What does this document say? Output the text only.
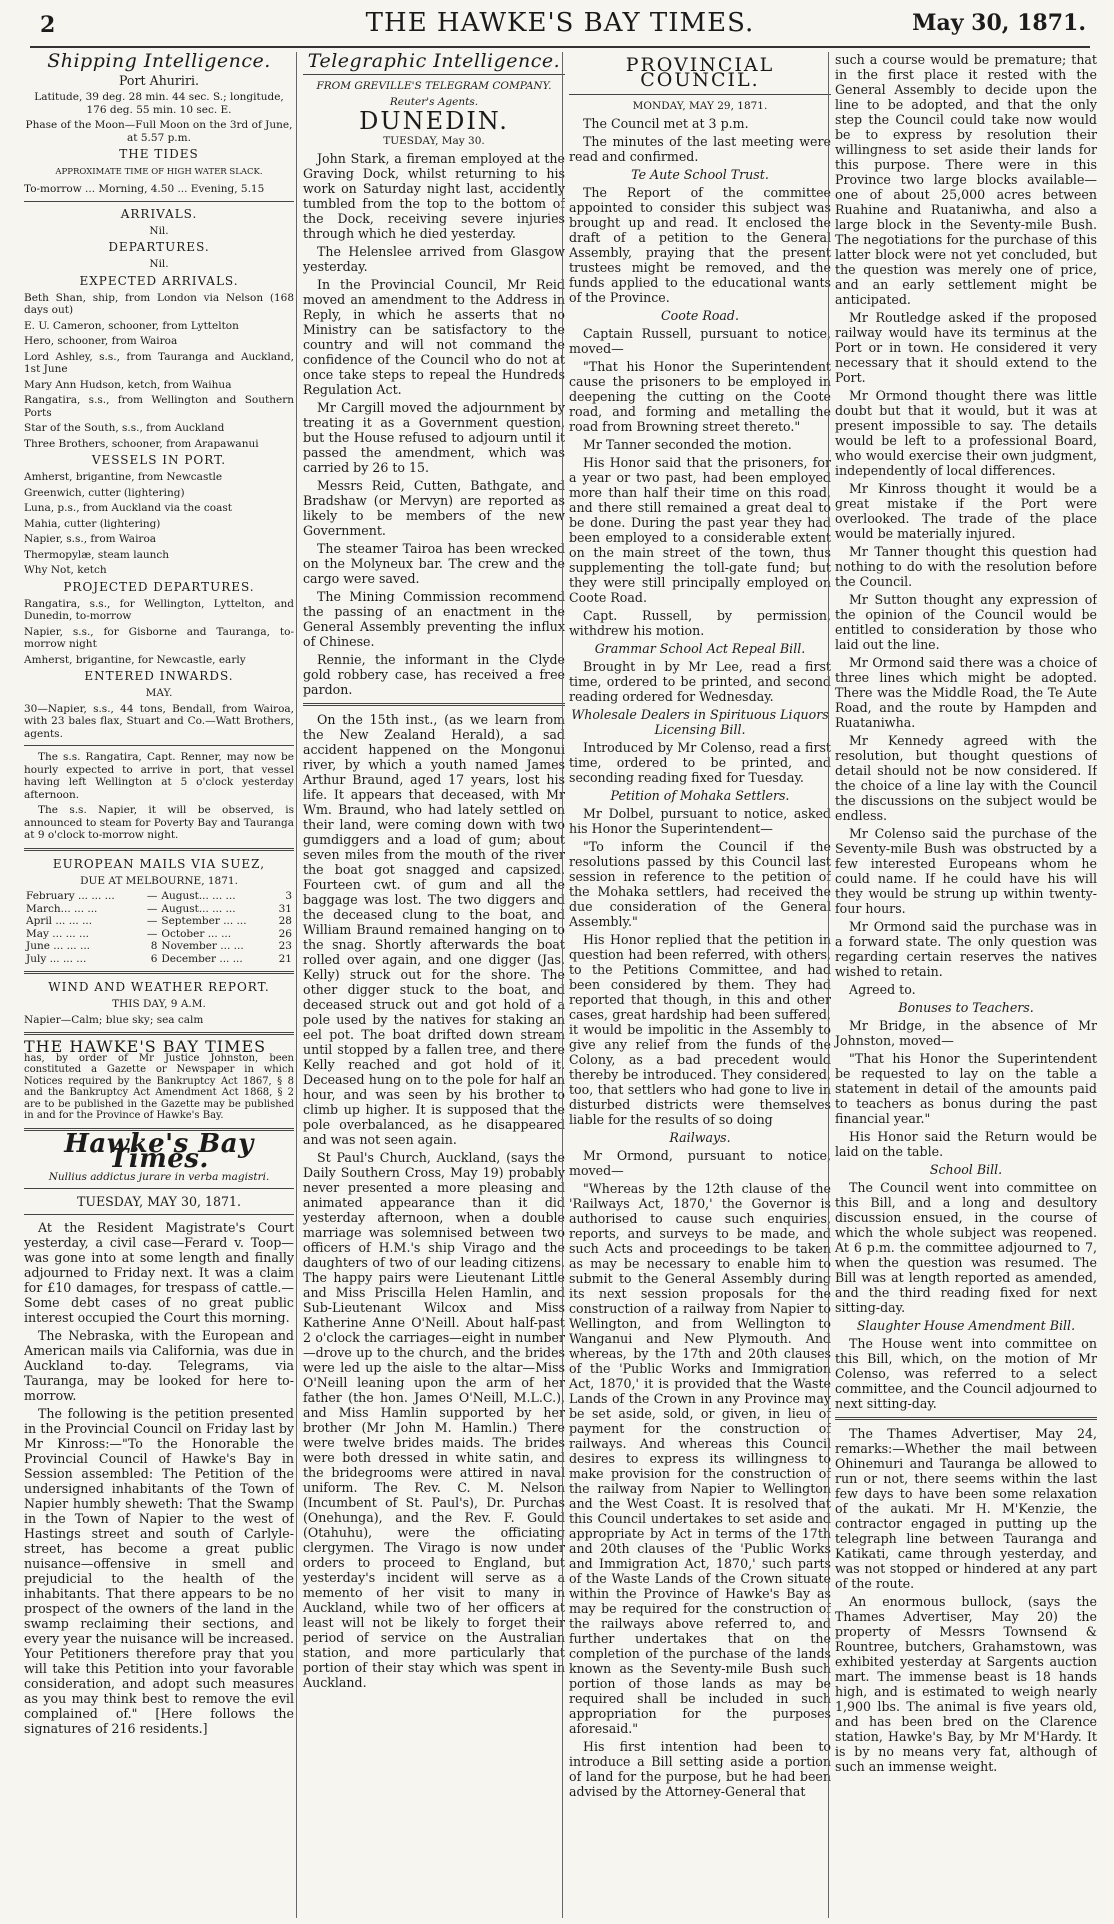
2	THE HAWKE'S BAY TIMES.	May 30, 1871.
Shipping Intelligence.

Port Ahuriri.

Latitude, 39 deg. 28 min. 44 sec. S.; longitude, 176 deg. 55 min. 10 sec. E.

Phase of the Moon—Full Moon on the 3rd of June, at 5.57 p.m.

THE TIDES

APPROXIMATE TIME OF HIGH WATER SLACK.

To-morrow ... Morning, 4.50 ... Evening, 5.15

ARRIVALS.

Nil.

DEPARTURES.

Nil.

EXPECTED ARRIVALS.

Beth Shan, ship, from London via Nelson (168 days out)

E. U. Cameron, schooner, from Lyttelton

Hero, schooner, from Wairoa

Lord Ashley, s.s., from Tauranga and Auckland, 1st June

Mary Ann Hudson, ketch, from Waihua

Rangatira, s.s., from Wellington and Southern Ports

Star of the South, s.s., from Auckland

Three Brothers, schooner, from Arapawanui

VESSELS IN PORT.

Amherst, brigantine, from Newcastle

Greenwich, cutter (lightering)

Luna, p.s., from Auckland via the coast

Mahia, cutter (lightering)

Napier, s.s., from Wairoa

Thermopylæ, steam launch

Why Not, ketch

PROJECTED DEPARTURES.

Rangatira, s.s., for Wellington, Lyttelton, and Dunedin, to-morrow

Napier, s.s., for Gisborne and Tauranga, to-morrow night

Amherst, brigantine, for Newcastle, early

ENTERED INWARDS.

MAY.

30—Napier, s.s., 44 tons, Bendall, from Wairoa, with 23 bales flax, Stuart and Co.—Watt Brothers, agents.

The s.s. Rangatira, Capt. Renner, may now be hourly expected to arrive in port, that vessel having left Wellington at 5 o'clock yesterday afternoon.

The s.s. Napier, it will be observed, is announced to steam for Poverty Bay and Tauranga at 9 o'clock to-morrow night.

EUROPEAN MAILS VIA SUEZ,

DUE AT MELBOURNE, 1871.

February ... ... ...	—	August... ... ...	3
March... ... ...	—	August... ... ...	31
April ... ... ...	—	September ... ...	28
May ... ... ...	—	October ... ...	26
June ... ... ...	8	November ... ...	23
July ... ... ...	6	December ... ...	21
WIND AND WEATHER REPORT.

THIS DAY, 9 A.M.

Napier—Calm; blue sky; sea calm

THE HAWKE'S BAY TIMES

has, by order of Mr Justice Johnston, been constituted a Gazette or Newspaper in which Notices required by the Bankruptcy Act 1867, § 8 and the Bankruptcy Act Amendment Act 1868, § 2 are to be published in the Gazette may be published in and for the Province of Hawke's Bay.

Hawke's Bay Times.

Nullius addictus jurare in verba magistri.

TUESDAY, MAY 30, 1871.

At the Resident Magistrate's Court yesterday, a civil case—Ferard v. Toop—was gone into at some length and finally adjourned to Friday next. It was a claim for £10 damages, for trespass of cattle.—Some debt cases of no great public interest occupied the Court this morning.

The Nebraska, with the European and American mails via California, was due in Auckland to-day. Telegrams, via Tauranga, may be looked for here to-morrow.

The following is the petition presented in the Provincial Council on Friday last by Mr Kinross:—"To the Honorable the Provincial Council of Hawke's Bay in Session assembled: The Petition of the undersigned inhabitants of the Town of Napier humbly sheweth: That the Swamp in the Town of Napier to the west of Hastings street and south of Carlyle-street, has become a great public nuisance—offensive in smell and prejudicial to the health of the inhabitants. That there appears to be no prospect of the owners of the land in the swamp reclaiming their sections, and every year the nuisance will be increased. Your Petitioners therefore pray that you will take this Petition into your favorable consideration, and adopt such measures as you may think best to remove the evil complained of." [Here follows the signatures of 216 residents.]

Telegraphic Intelligence.

FROM GREVILLE'S TELEGRAM COMPANY.

Reuter's Agents.

DUNEDIN.

TUESDAY, May 30.

John Stark, a fireman employed at the Graving Dock, whilst returning to his work on Saturday night last, accidently tumbled from the top to the bottom of the Dock, receiving severe injuries through which he died yesterday.

The Helenslee arrived from Glasgow yesterday.

In the Provincial Council, Mr Reid moved an amendment to the Address in Reply, in which he asserts that no Ministry can be satisfactory to the country and will not command the confidence of the Council who do not at once take steps to repeal the Hundreds Regulation Act.

Mr Cargill moved the adjournment by treating it as a Government question, but the House refused to adjourn until it passed the amendment, which was carried by 26 to 15.

Messrs Reid, Cutten, Bathgate, and Bradshaw (or Mervyn) are reported as likely to be members of the new Government.

The steamer Tairoa has been wrecked on the Molyneux bar. The crew and the cargo were saved.

The Mining Commission recommend the passing of an enactment in the General Assembly preventing the influx of Chinese.

Rennie, the informant in the Clyde gold robbery case, has received a free pardon.

On the 15th inst., (as we learn from the New Zealand Herald), a sad accident happened on the Mongonui river, by which a youth named James Arthur Braund, aged 17 years, lost his life. It appears that deceased, with Mr Wm. Braund, who had lately settled on their land, were coming down with two gumdiggers and a load of gum; about seven miles from the mouth of the river the boat got snagged and capsized. Fourteen cwt. of gum and all the baggage was lost. The two diggers and the deceased clung to the boat, and William Braund remained hanging on to the snag. Shortly afterwards the boat rolled over again, and one digger (Jas. Kelly) struck out for the shore. The other digger stuck to the boat, and deceased struck out and got hold of a pole used by the natives for staking an eel pot. The boat drifted down stream until stopped by a fallen tree, and there Kelly reached and got hold of it. Deceased hung on to the pole for half an hour, and was seen by his brother to climb up higher. It is supposed that the pole overbalanced, as he disappeared and was not seen again.

St Paul's Church, Auckland, (says the Daily Southern Cross, May 19) probably never presented a more pleasing and animated appearance than it did yesterday afternoon, when a double marriage was solemnised between two officers of H.M.'s ship Virago and the daughters of two of our leading citizens. The happy pairs were Lieutenant Little and Miss Priscilla Helen Hamlin, and Sub-Lieutenant Wilcox and Miss Katherine Anne O'Neill. About half-past 2 o'clock the carriages—eight in number—drove up to the church, and the brides were led up the aisle to the altar—Miss O'Neill leaning upon the arm of her father (the hon. James O'Neill, M.L.C.), and Miss Hamlin supported by her brother (Mr John M. Hamlin.) There were twelve brides maids. The brides were both dressed in white satin, and the bridegrooms were attired in naval uniform. The Rev. C. M. Nelson (Incumbent of St. Paul's), Dr. Purchas (Onehunga), and the Rev. F. Gould (Otahuhu), were the officiating clergymen. The Virago is now under orders to proceed to England, but yesterday's incident will serve as a memento of her visit to many in Auckland, while two of her officers at least will not be likely to forget their period of service on the Australian station, and more particularly that portion of their stay which was spent in Auckland.

PROVINCIAL COUNCIL.

MONDAY, MAY 29, 1871.

The Council met at 3 p.m.

The minutes of the last meeting were read and confirmed.

Te Aute School Trust.

The Report of the committee appointed to consider this subject was brought up and read. It enclosed the draft of a petition to the General Assembly, praying that the present trustees might be removed, and the funds applied to the educational wants of the Province.

Coote Road.

Captain Russell, pursuant to notice, moved—

"That his Honor the Superintendent cause the prisoners to be employed in deepening the cutting on the Coote road, and forming and metalling the road from Browning street thereto."

Mr Tanner seconded the motion.

His Honor said that the prisoners, for a year or two past, had been employed more than half their time on this road, and there still remained a great deal to be done. During the past year they had been employed to a considerable extent on the main street of the town, thus supplementing the toll-gate fund; but they were still principally employed on Coote Road.

Capt. Russell, by permission, withdrew his motion.

Grammar School Act Repeal Bill.

Brought in by Mr Lee, read a first time, ordered to be printed, and second reading ordered for Wednesday.

Wholesale Dealers in Spirituous Liquors Licensing Bill.

Introduced by Mr Colenso, read a first time, ordered to be printed, and seconding reading fixed for Tuesday.

Petition of Mohaka Settlers.

Mr Dolbel, pursuant to notice, asked his Honor the Superintendent—

"To inform the Council if the resolutions passed by this Council last session in reference to the petition of the Mohaka settlers, had received the due consideration of the General Assembly."

His Honor replied that the petition in question had been referred, with others, to the Petitions Committee, and had been considered by them. They had reported that though, in this and other cases, great hardship had been suffered, it would be impolitic in the Assembly to give any relief from the funds of the Colony, as a bad precedent would thereby be introduced. They considered, too, that settlers who had gone to live in disturbed districts were themselves liable for the results of so doing

Railways.

Mr Ormond, pursuant to notice, moved—

"Whereas by the 12th clause of the 'Railways Act, 1870,' the Governor is authorised to cause such enquiries, reports, and surveys to be made, and such Acts and proceedings to be taken as may be necessary to enable him to submit to the General Assembly during its next session proposals for the construction of a railway from Napier to Wellington, and from Wellington to Wanganui and New Plymouth. And whereas, by the 17th and 20th clauses of the 'Public Works and Immigration Act, 1870,' it is provided that the Waste Lands of the Crown in any Province may be set aside, sold, or given, in lieu of payment for the construction of railways. And whereas this Council desires to express its willingness to make provision for the construction of the railway from Napier to Wellington and the West Coast. It is resolved that this Council undertakes to set aside and appropriate by Act in terms of the 17th and 20th clauses of the 'Public Works and Immigration Act, 1870,' such parts of the Waste Lands of the Crown situate within the Province of Hawke's Bay as may be required for the construction of the railways above referred to, and further undertakes that on the completion of the purchase of the lands known as the Seventy-mile Bush such portion of those lands as may be required shall be included in such appropriation for the purposes aforesaid."

His first intention had been to introduce a Bill setting aside a portion of land for the purpose, but he had been advised by the Attorney-General that

such a course would be premature; that in the first place it rested with the General Assembly to decide upon the line to be adopted, and that the only step the Council could take now would be to express by resolution their willingness to set aside their lands for this purpose. There were in this Province two large blocks available—one of about 25,000 acres between Ruahine and Ruataniwha, and also a large block in the Seventy-mile Bush. The negotiations for the purchase of this latter block were not yet concluded, but the question was merely one of price, and an early settlement might be anticipated.

Mr Routledge asked if the proposed railway would have its terminus at the Port or in town. He considered it very necessary that it should extend to the Port.

Mr Ormond thought there was little doubt but that it would, but it was at present impossible to say. The details would be left to a professional Board, who would exercise their own judgment, independently of local differences.

Mr Kinross thought it would be a great mistake if the Port were overlooked. The trade of the place would be materially injured.

Mr Tanner thought this question had nothing to do with the resolution before the Council.

Mr Sutton thought any expression of the opinion of the Council would be entitled to consideration by those who laid out the line.

Mr Ormond said there was a choice of three lines which might be adopted. There was the Middle Road, the Te Aute Road, and the route by Hampden and Ruataniwha.

Mr Kennedy agreed with the resolution, but thought questions of detail should not be now considered. If the choice of a line lay with the Council the discussions on the subject would be endless.

Mr Colenso said the purchase of the Seventy-mile Bush was obstructed by a few interested Europeans whom he could name. If he could have his will they would be strung up within twenty-four hours.

Mr Ormond said the purchase was in a forward state. The only question was regarding certain reserves the natives wished to retain.

Agreed to.

Bonuses to Teachers.

Mr Bridge, in the absence of Mr Johnston, moved—

"That his Honor the Superintendent be requested to lay on the table a statement in detail of the amounts paid to teachers as bonus during the past financial year."

His Honor said the Return would be laid on the table.

School Bill.

The Council went into committee on this Bill, and a long and desultory discussion ensued, in the course of which the whole subject was reopened. At 6 p.m. the committee adjourned to 7, when the question was resumed. The Bill was at length reported as amended, and the third reading fixed for next sitting-day.

Slaughter House Amendment Bill.

The House went into committee on this Bill, which, on the motion of Mr Colenso, was referred to a select committee, and the Council adjourned to next sitting-day.

The Thames Advertiser, May 24, remarks:—Whether the mail between Ohinemuri and Tauranga be allowed to run or not, there seems within the last few days to have been some relaxation of the aukati. Mr H. M'Kenzie, the contractor engaged in putting up the telegraph line between Tauranga and Katikati, came through yesterday, and was not stopped or hindered at any part of the route.

An enormous bullock, (says the Thames Advertiser, May 20) the property of Messrs Townsend & Rountree, butchers, Grahamstown, was exhibited yesterday at Sargents auction mart. The immense beast is 18 hands high, and is estimated to weigh nearly 1,900 lbs. The animal is five years old, and has been bred on the Clarence station, Hawke's Bay, by Mr M'Hardy. It is by no means very fat, although of such an immense weight.
